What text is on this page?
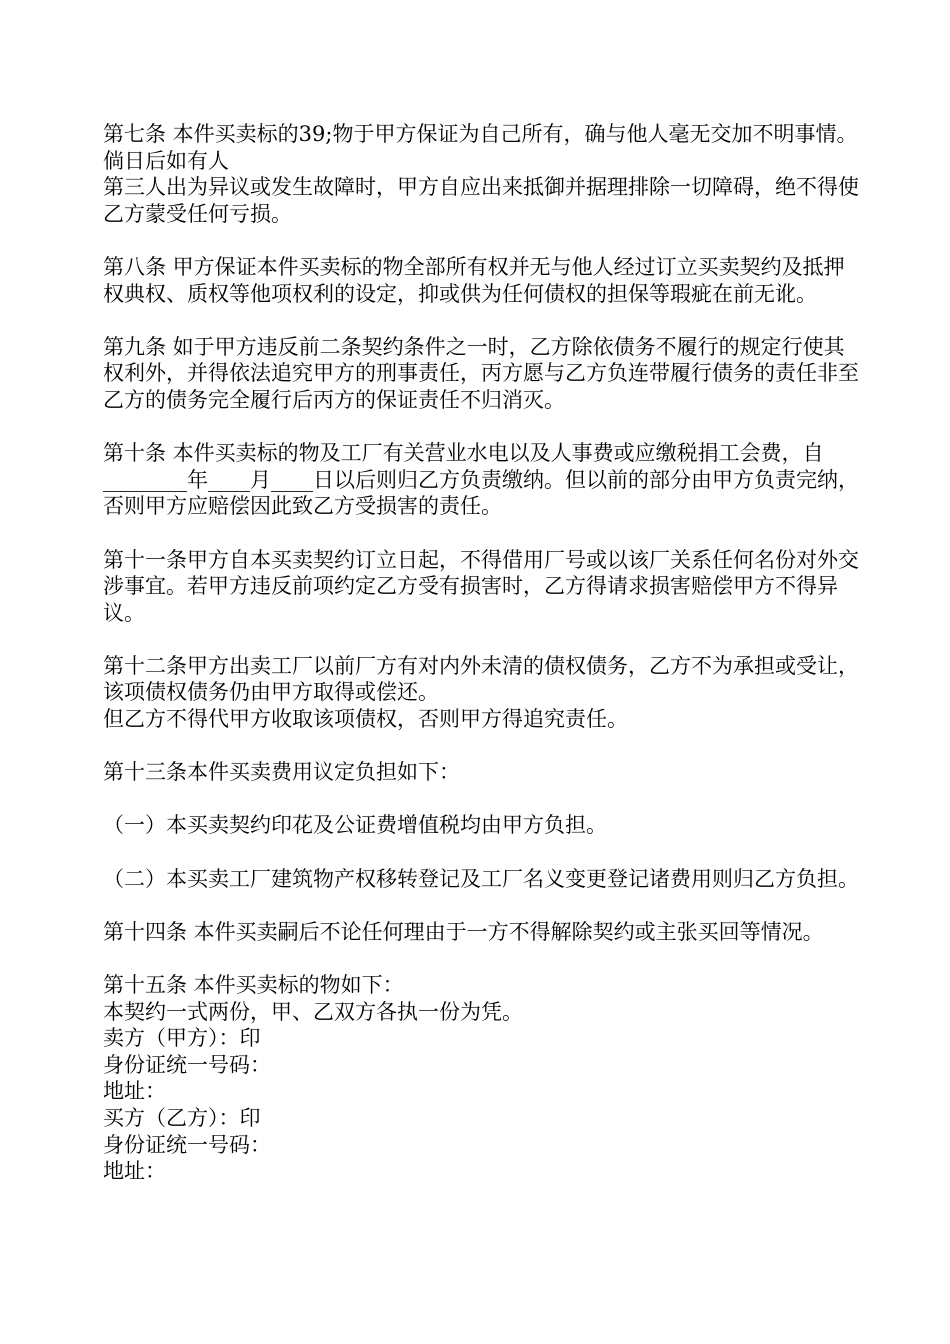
第七条 本件买卖标的39;物于甲方保证为自己所有，确与他人毫无交加不明事情。
倘日后如有人
第三人出为异议或发生故障时，甲方自应出来抵御并据理排除一切障碍，绝不得使乙方蒙受任何亏损。

第八条 甲方保证本件买卖标的物全部所有权并无与他人经过订立买卖契约及抵押权典权、质权等他项权利的设定，抑或供为任何债权的担保等瑕疵在前无讹。

第九条 如于甲方违反前二条契约条件之一时，乙方除依债务不履行的规定行使其权利外，并得依法追究甲方的刑事责任，丙方愿与乙方负连带履行债务的责任非至乙方的债务完全履行后丙方的保证责任不归消灭。

第十条 本件买卖标的物及工厂有关营业水电以及人事费或应缴税捐工会费，自________年____月____日以后则归乙方负责缴纳。但以前的部分由甲方负责完纳，否则甲方应赔偿因此致乙方受损害的责任。

第十一条甲方自本买卖契约订立日起，不得借用厂号或以该厂关系任何名份对外交涉事宜。若甲方违反前项约定乙方受有损害时，乙方得请求损害赔偿甲方不得异议。

第十二条甲方出卖工厂以前厂方有对内外未清的债权债务，乙方不为承担或受让，该项债权债务仍由甲方取得或偿还。
但乙方不得代甲方收取该项债权，否则甲方得追究责任。

第十三条本件买卖费用议定负担如下：

（一）本买卖契约印花及公证费增值税均由甲方负担。

（二）本买卖工厂建筑物产权移转登记及工厂名义变更登记诸费用则归乙方负担。

第十四条 本件买卖嗣后不论任何理由于一方不得解除契约或主张买回等情况。

第十五条 本件买卖标的物如下：
本契约一式两份，甲、乙双方各执一份为凭。
卖方（甲方）：印
身份证统一号码：
地址：
买方（乙方）：印
身份证统一号码：
地址：
